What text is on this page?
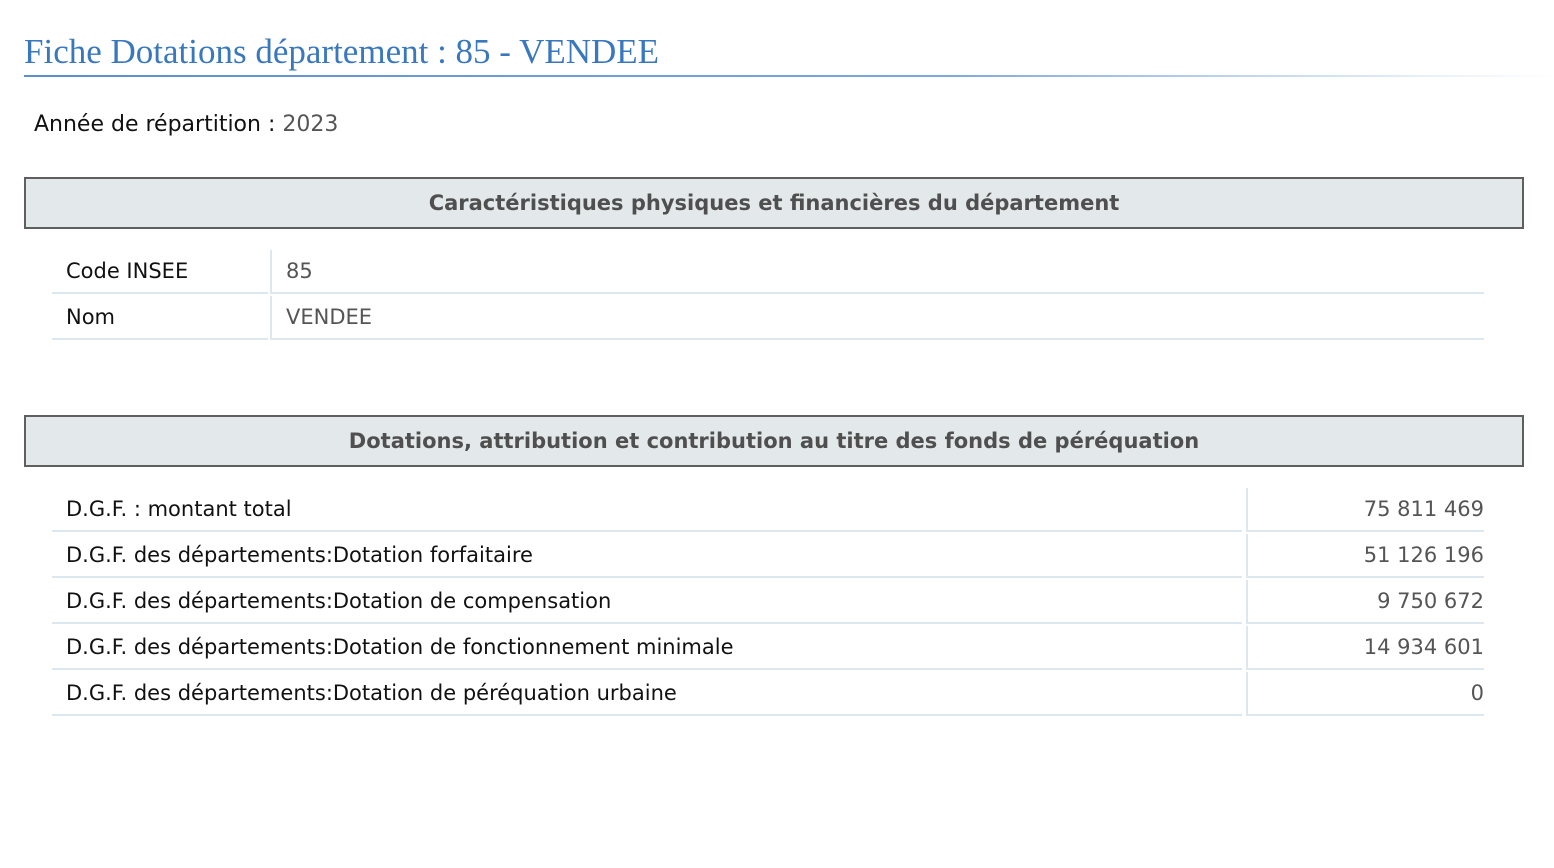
Fiche Dotations département : 85 - VENDEE
Année de répartition : 2023
Caractéristiques physiques et financières du département
Code INSEE	85
Nom	VENDEE
Dotations, attribution et contribution au titre des fonds de péréquation
D.G.F. : montant total	75 811 469
D.G.F. des départements:Dotation forfaitaire	51 126 196
D.G.F. des départements:Dotation de compensation	9 750 672
D.G.F. des départements:Dotation de fonctionnement minimale	14 934 601
D.G.F. des départements:Dotation de péréquation urbaine	0
